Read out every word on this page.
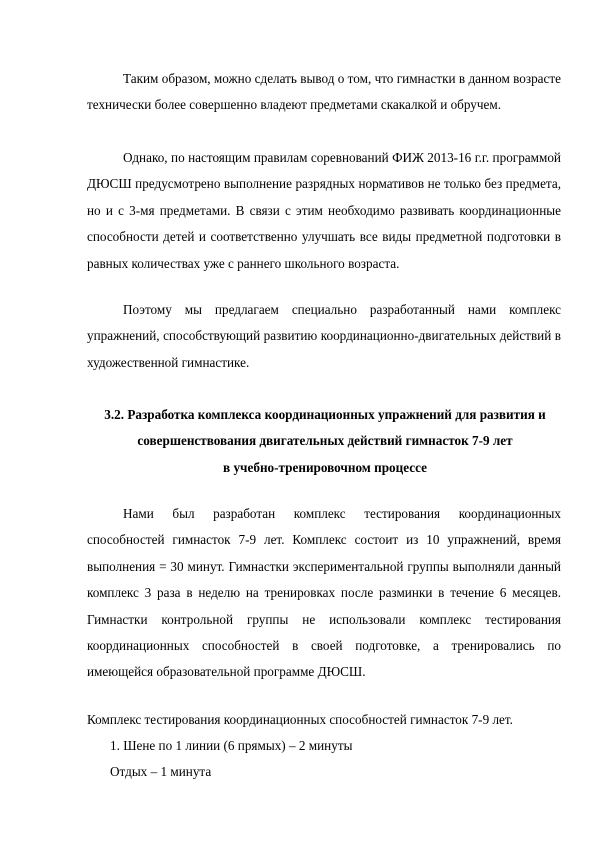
Таким образом, можно сделать вывод о том, что гимнастки в данном возрасте технически более совершенно владеют предметами скакалкой и обручем.

Однако, по настоящим правилам соревнований ФИЖ 2013-16 г.г. программой ДЮСШ предусмотрено выполнение разрядных нормативов не только без предмета, но и с 3-мя предметами. В связи с этим необходимо развивать координационные способности детей и соответственно улучшать все виды предметной подготовки в равных количествах уже с раннего школьного возраста.

Поэтому мы предлагаем специально разработанный нами комплекс упражнений, способствующий развитию координационно-двигательных действий в художественной гимнастике.

3.2. Разработка комплекса координационных упражнений для развития и
совершенствования двигательных действий гимнасток 7-9 лет
в учебно-тренировочном процессе

Нами был разработан комплекс тестирования координационных способностей гимнасток 7-9 лет. Комплекс состоит из 10 упражнений, время выполнения = 30 минут. Гимнастки экспериментальной группы выполняли данный комплекс 3 раза в неделю на тренировках после разминки в течение 6 месяцев. Гимнастки контрольной группы не использовали комплекс тестирования координационных способностей в своей подготовке, а тренировались по имеющейся образовательной программе ДЮСШ.

Комплекс тестирования координационных способностей гимнасток 7-9 лет.

1. Шене по 1 линии (6 прямых) – 2 минуты

Отдых – 1 минута
